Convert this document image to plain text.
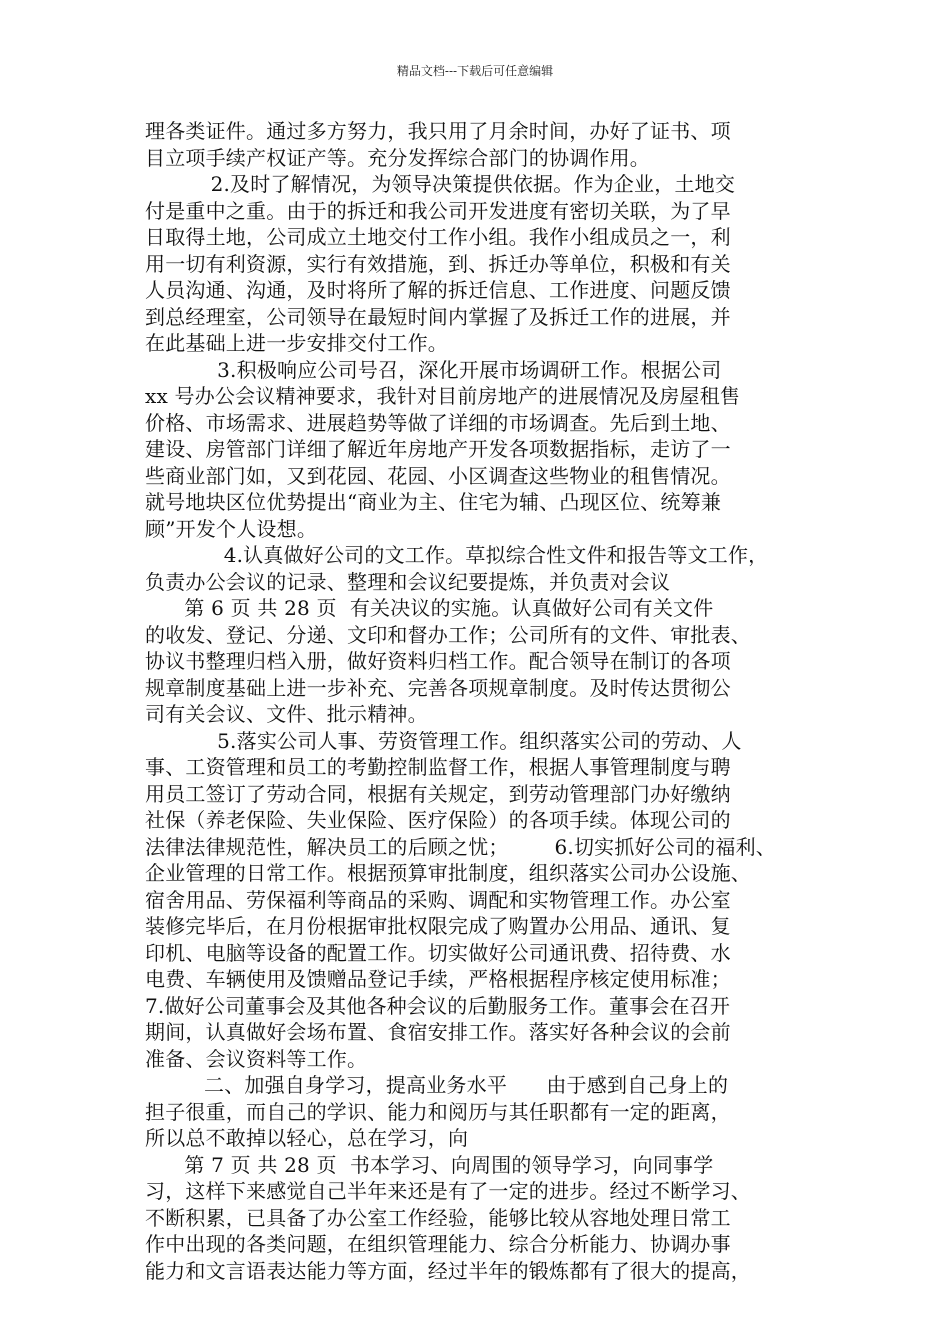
精品文档---下载后可任意编辑
理各类证件。通过多方努力，我只用了月余时间，办好了证书、项
目立项手续产权证产等。充分发挥综合部门的协调作用。
2.及时了解情况，为领导决策提供依据。作为企业，土地交
付是重中之重。由于的拆迁和我公司开发进度有密切关联，为了早
日取得土地，公司成立土地交付工作小组。我作小组成员之一，利
用一切有利资源，实行有效措施，到、拆迁办等单位，积极和有关
人员沟通、沟通，及时将所了解的拆迁信息、工作进度、问题反馈
到总经理室，公司领导在最短时间内掌握了及拆迁工作的进展，并
在此基础上进一步安排交付工作。
3.积极响应公司号召，深化开展市场调研工作。根据公司
xx 号办公会议精神要求，我针对目前房地产的进展情况及房屋租售
价格、市场需求、进展趋势等做了详细的市场调查。先后到土地、
建设、房管部门详细了解近年房地产开发各项数据指标，走访了一
些商业部门如，又到花园、花园、小区调查这些物业的租售情况。
就号地块区位优势提出“商业为主、住宅为辅、凸现区位、统筹兼
顾”开发个人设想。
4.认真做好公司的文工作。草拟综合性文件和报告等文工作，
负责办公会议的记录、整理和会议纪要提炼，并负责对会议
第 6 页 共 28 页  有关决议的实施。认真做好公司有关文件
的收发、登记、分递、文印和督办工作；公司所有的文件、审批表、
协议书整理归档入册，做好资料归档工作。配合领导在制订的各项
规章制度基础上进一步补充、完善各项规章制度。及时传达贯彻公
司有关会议、文件、批示精神。
5.落实公司人事、劳资管理工作。组织落实公司的劳动、人
事、工资管理和员工的考勤控制监督工作，根据人事管理制度与聘
用员工签订了劳动合同，根据有关规定，到劳动管理部门办好缴纳
社保（养老保险、失业保险、医疗保险）的各项手续。体现公司的
法律法律规范性，解决员工的后顾之忧；       6.切实抓好公司的福利、
企业管理的日常工作。根据预算审批制度，组织落实公司办公设施、
宿舍用品、劳保福利等商品的采购、调配和实物管理工作。办公室
装修完毕后，在月份根据审批权限完成了购置办公用品、通讯、复
印机、电脑等设备的配置工作。切实做好公司通讯费、招待费、水
电费、车辆使用及馈赠品登记手续，严格根据程序核定使用标准；
7.做好公司董事会及其他各种会议的后勤服务工作。董事会在召开
期间，认真做好会场布置、食宿安排工作。落实好各种会议的会前
准备、会议资料等工作。
二、加强自身学习，提高业务水平      由于感到自己身上的
担子很重，而自己的学识、能力和阅历与其任职都有一定的距离，
所以总不敢掉以轻心，总在学习，向
第 7 页 共 28 页  书本学习、向周围的领导学习，向同事学
习，这样下来感觉自己半年来还是有了一定的进步。经过不断学习、
不断积累，已具备了办公室工作经验，能够比较从容地处理日常工
作中出现的各类问题，在组织管理能力、综合分析能力、协调办事
能力和文言语表达能力等方面，经过半年的锻炼都有了很大的提高，
